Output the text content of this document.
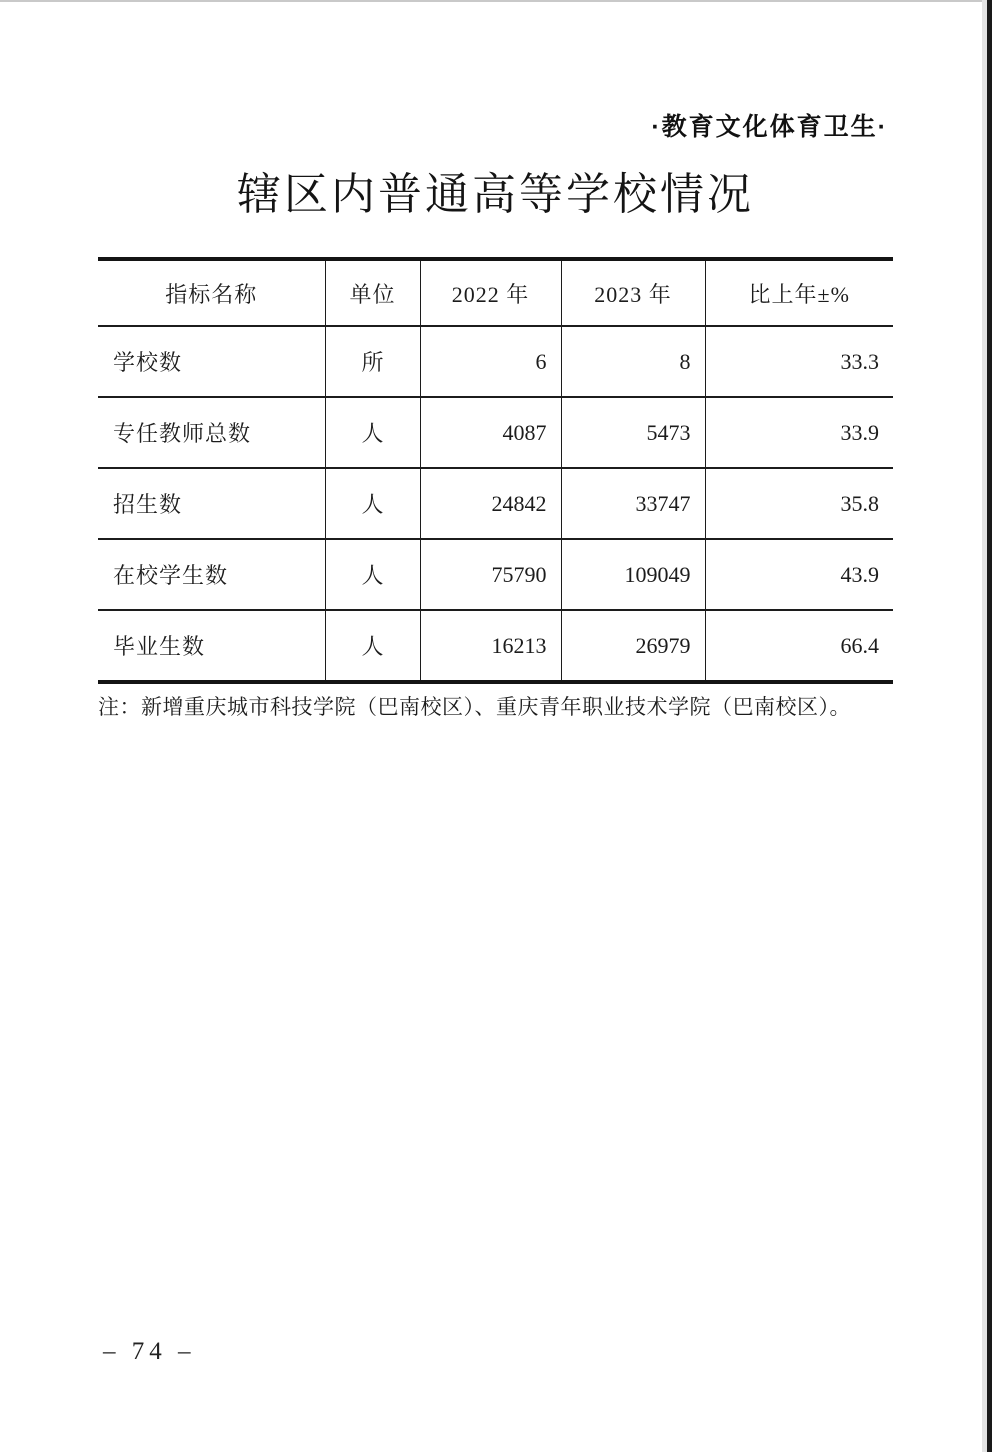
·教育文化体育卫生·
辖区内普通高等学校情况
指标名称	单位	2022 年	2023 年	比上年±%
学校数	所	6	8	33.3
专任教师总数	人	4087	5473	33.9
招生数	人	24842	33747	35.8
在校学生数	人	75790	109049	43.9
毕业生数	人	16213	26979	66.4
注：新增重庆城市科技学院（巴南校区）、重庆青年职业技术学院（巴南校区）。
– 74 –
